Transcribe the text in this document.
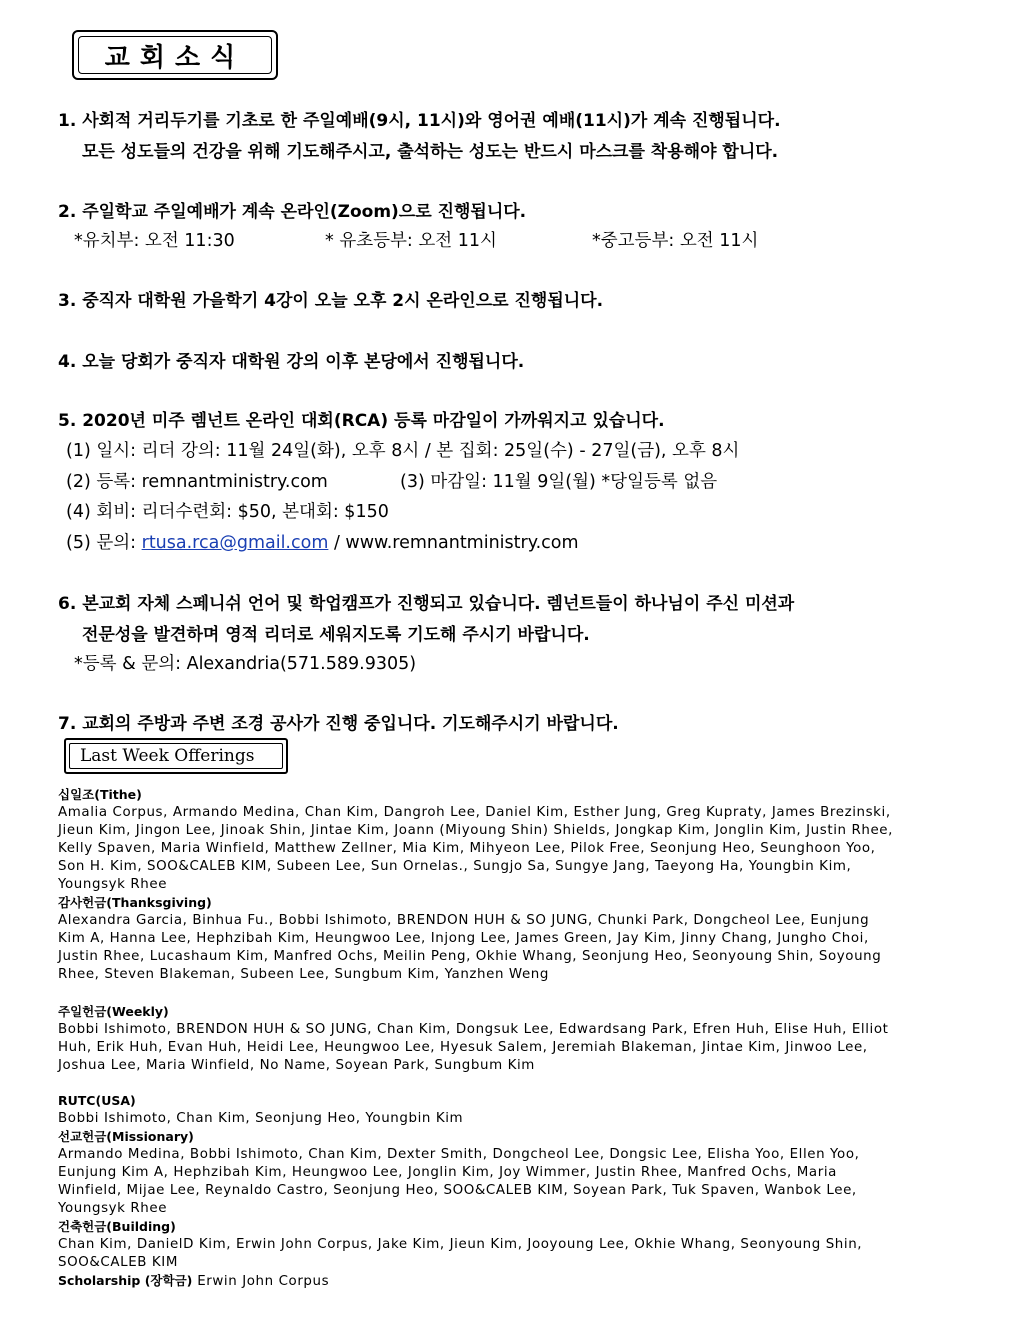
교회소식
1. 사회적 거리두기를 기초로 한 주일예배(9시, 11시)와 영어권 예배(11시)가 계속 진행됩니다.
모든 성도들의 건강을 위해 기도해주시고, 출석하는 성도는 반드시 마스크를 착용해야 합니다.
2. 주일학교 주일예배가 계속 온라인(Zoom)으로 진행됩니다.
*유치부: 오전 11:30	* 유초등부: 오전 11시	*중고등부: 오전 11시
3. 중직자 대학원 가을학기 4강이 오늘 오후 2시 온라인으로 진행됩니다.
4. 오늘 당회가 중직자 대학원 강의 이후 본당에서 진행됩니다.
5. 2020년 미주 렘넌트 온라인 대회(RCA) 등록 마감일이 가까워지고 있습니다.
(1) 일시: 리더 강의: 11월 24일(화), 오후 8시 / 본 집회: 25일(수) - 27일(금), 오후 8시
(2) 등록: remnantministry.com	(3) 마감일: 11월 9일(월) *당일등록 없음
(4) 회비: 리더수련회: $50, 본대회: $150
(5) 문의: rtusa.rca@gmail.com / www.remnantministry.com
6. 본교회 자체 스페니쉬 언어 및 학업캠프가 진행되고 있습니다. 렘넌트들이 하나님이 주신 미션과
전문성을 발견하며 영적 리더로 세워지도록 기도해 주시기 바랍니다.
*등록 & 문의: Alexandria(571.589.9305)
7. 교회의 주방과 주변 조경 공사가 진행 중입니다. 기도해주시기 바랍니다.
Last Week Offerings
십일조(Tithe)
Amalia Corpus, Armando Medina, Chan Kim, Dangroh Lee, Daniel Kim, Esther Jung, Greg Kupraty, James Brezinski, Jieun Kim, Jingon Lee, Jinoak Shin, Jintae Kim, Joann (Miyoung Shin) Shields, Jongkap Kim, Jonglin Kim, Justin Rhee, Kelly Spaven, Maria Winfield, Matthew Zellner, Mia Kim, Mihyeon Lee, Pilok Free, Seonjung Heo, Seunghoon Yoo, Son H. Kim, SOO&CALEB KIM, Subeen Lee, Sun Ornelas., Sungjo Sa, Sungye Jang, Taeyong Ha, Youngbin Kim, Youngsyk Rhee
감사헌금(Thanksgiving)
Alexandra Garcia, Binhua Fu., Bobbi Ishimoto, BRENDON HUH & SO JUNG, Chunki Park, Dongcheol Lee, Eunjung Kim A, Hanna Lee, Hephzibah Kim, Heungwoo Lee, Injong Lee, James Green, Jay Kim, Jinny Chang, Jungho Choi, Justin Rhee, Lucashaum Kim, Manfred Ochs, Meilin Peng, Okhie Whang, Seonjung Heo, Seonyoung Shin, Soyoung Rhee, Steven Blakeman, Subeen Lee, Sungbum Kim, Yanzhen Weng
주일헌금(Weekly)
Bobbi Ishimoto, BRENDON HUH & SO JUNG, Chan Kim, Dongsuk Lee, Edwardsang Park, Efren Huh, Elise Huh, Elliot Huh, Erik Huh, Evan Huh, Heidi Lee, Heungwoo Lee, Hyesuk Salem, Jeremiah Blakeman, Jintae Kim, Jinwoo Lee, Joshua Lee, Maria Winfield, No Name, Soyean Park, Sungbum Kim
RUTC(USA)
Bobbi Ishimoto, Chan Kim, Seonjung Heo, Youngbin Kim
선교헌금(Missionary)
Armando Medina, Bobbi Ishimoto, Chan Kim, Dexter Smith, Dongcheol Lee, Dongsic Lee, Elisha Yoo, Ellen Yoo, Eunjung Kim A, Hephzibah Kim, Heungwoo Lee, Jonglin Kim, Joy Wimmer, Justin Rhee, Manfred Ochs, Maria Winfield, Mijae Lee, Reynaldo Castro, Seonjung Heo, SOO&CALEB KIM, Soyean Park, Tuk Spaven, Wanbok Lee, Youngsyk Rhee
건축헌금(Building)
Chan Kim, DanielD Kim, Erwin John Corpus, Jake Kim, Jieun Kim, Jooyoung Lee, Okhie Whang, Seonyoung Shin, SOO&CALEB KIM
Scholarship (장학금) Erwin John Corpus
